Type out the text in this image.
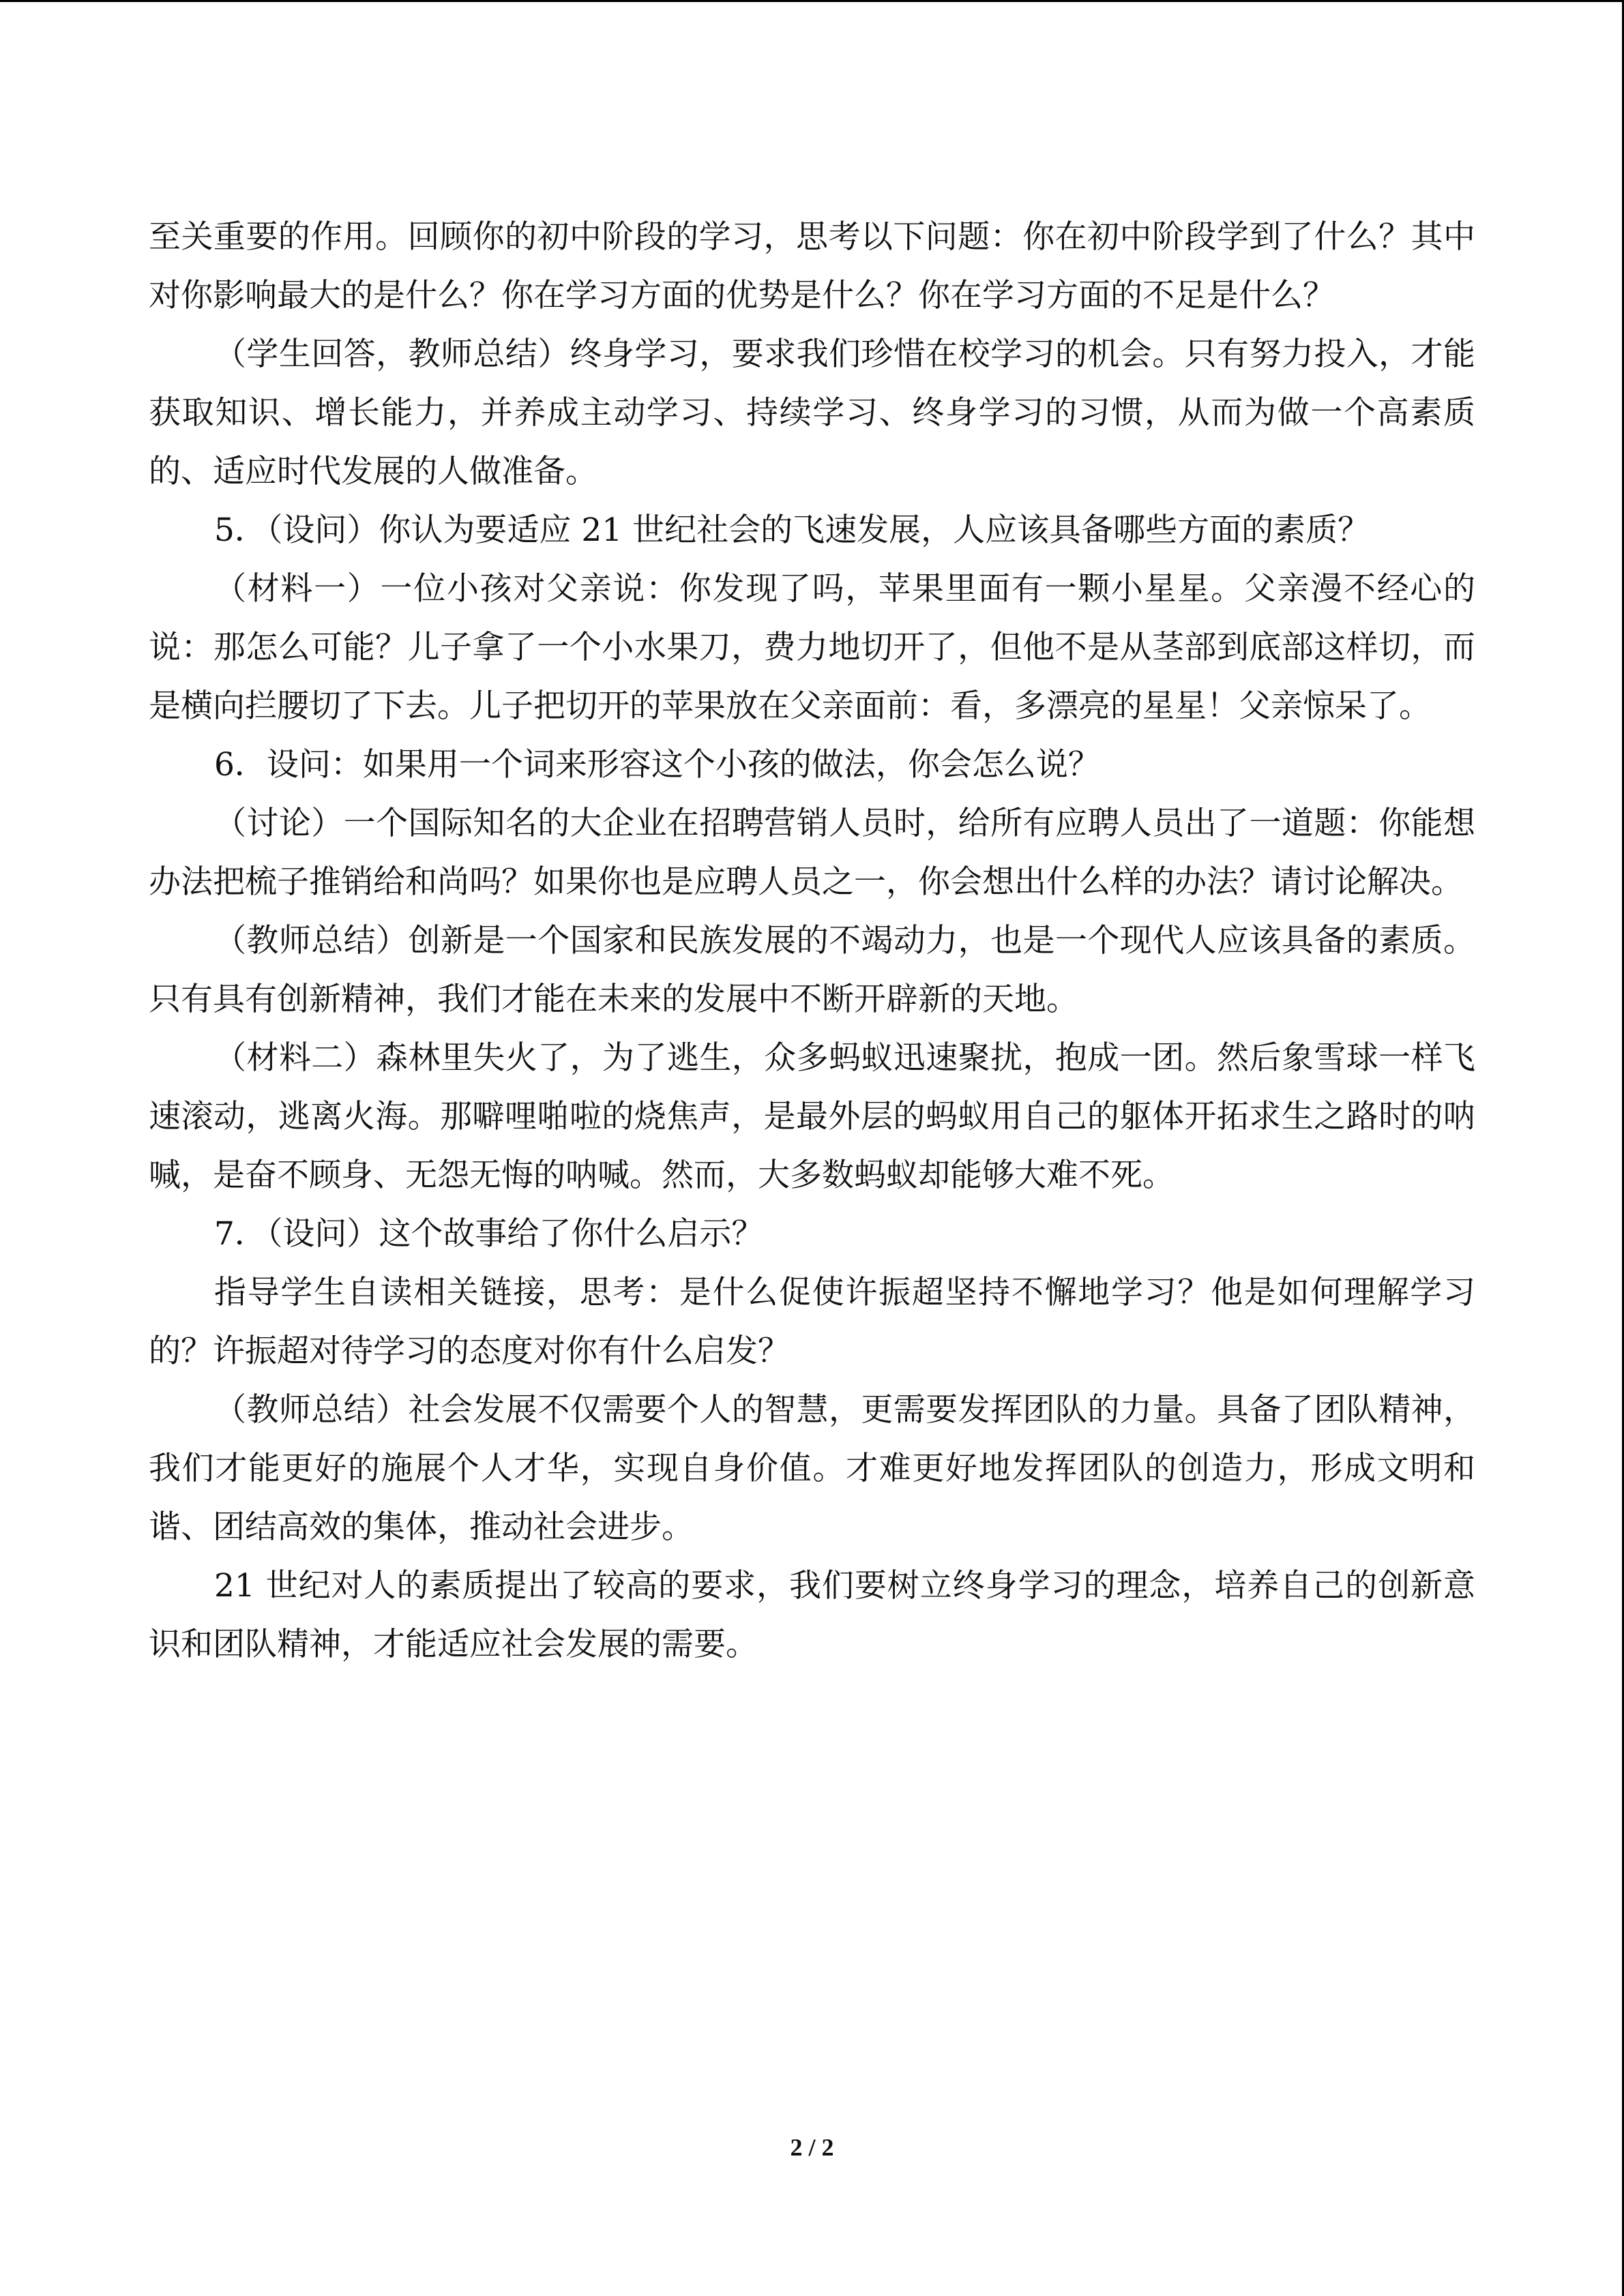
至关重要的作用。回顾你的初中阶段的学习，思考以下问题：你在初中阶段学到了什么？其中对你影响最大的是什么？你在学习方面的优势是什么？你在学习方面的不足是什么？

（学生回答，教师总结）终身学习，要求我们珍惜在校学习的机会。只有努力投入，才能获取知识、增长能力，并养成主动学习、持续学习、终身学习的习惯，从而为做一个高素质的、适应时代发展的人做准备。

5．（设问）你认为要适应 21 世纪社会的飞速发展，人应该具备哪些方面的素质？

（材料一）一位小孩对父亲说：你发现了吗，苹果里面有一颗小星星。父亲漫不经心的说：那怎么可能？儿子拿了一个小水果刀，费力地切开了，但他不是从茎部到底部这样切，而是横向拦腰切了下去。儿子把切开的苹果放在父亲面前：看，多漂亮的星星！父亲惊呆了。

6．设问：如果用一个词来形容这个小孩的做法，你会怎么说？

（讨论）一个国际知名的大企业在招聘营销人员时，给所有应聘人员出了一道题：你能想办法把梳子推销给和尚吗？如果你也是应聘人员之一，你会想出什么样的办法？请讨论解决。

（教师总结）创新是一个国家和民族发展的不竭动力，也是一个现代人应该具备的素质。只有具有创新精神，我们才能在未来的发展中不断开辟新的天地。

（材料二）森林里失火了，为了逃生，众多蚂蚁迅速聚扰，抱成一团。然后象雪球一样飞速滚动，逃离火海。那噼哩啪啦的烧焦声，是最外层的蚂蚁用自己的躯体开拓求生之路时的呐喊，是奋不顾身、无怨无悔的呐喊。然而，大多数蚂蚁却能够大难不死。

7．（设问）这个故事给了你什么启示？

指导学生自读相关链接，思考：是什么促使许振超坚持不懈地学习？他是如何理解学习的？许振超对待学习的态度对你有什么启发？

（教师总结）社会发展不仅需要个人的智慧，更需要发挥团队的力量。具备了团队精神，我们才能更好的施展个人才华，实现自身价值。才难更好地发挥团队的创造力，形成文明和谐、团结高效的集体，推动社会进步。

21 世纪对人的素质提出了较高的要求，我们要树立终身学习的理念，培养自己的创新意识和团队精神，才能适应社会发展的需要。

2 / 2
